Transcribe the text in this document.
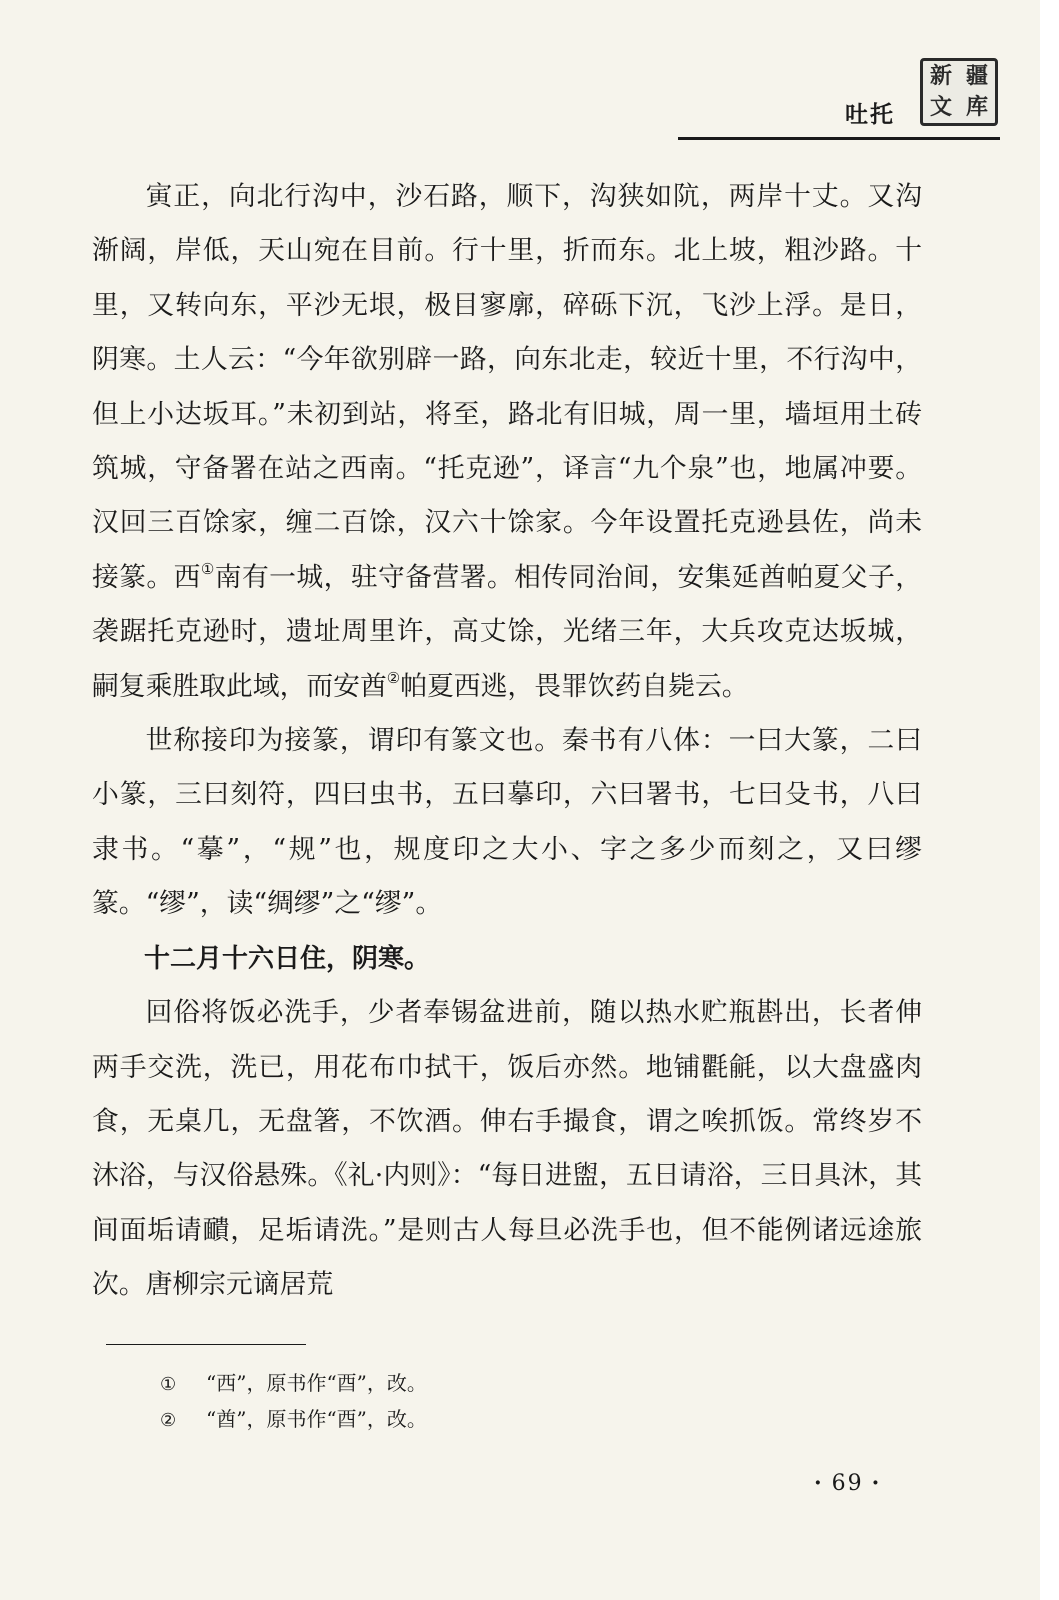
吐托
新 疆
文 库

寅正，向北行沟中，沙石路，顺下，沟狭如阬，两岸十丈。又沟渐阔，岸低，天山宛在目前。行十里，折而东。北上坡，粗沙路。十里，又转向东，平沙无垠，极目寥廓，碎砾下沉，飞沙上浮。是日，阴寒。土人云：“今年欲别辟一路，向东北走，较近十里，不行沟中，但上小达坂耳。”未初到站，将至，路北有旧城，周一里，墙垣用土砖筑城，守备署在站之西南。“托克逊”，译言“九个泉”也，地属冲要。汉回三百馀家，缠二百馀，汉六十馀家。今年设置托克逊县佐，尚未接篆。西①南有一城，驻守备营署。相传同治间，安集延酋帕夏父子，袭踞托克逊时，遗址周里许，高丈馀，光绪三年，大兵攻克达坂城，嗣复乘胜取此域，而安酋②帕夏西逃，畏罪饮药自毙云。

世称接印为接篆，谓印有篆文也。秦书有八体：一曰大篆，二曰小篆，三曰刻符，四曰虫书，五曰摹印，六曰署书，七曰殳书，八曰隶书。“摹”，“规”也，规度印之大小、字之多少而刻之，又曰缪篆。“缪”，读“绸缪”之“缪”。

十二月十六日住，阴寒。

回俗将饭必洗手，少者奉锡盆进前，随以热水贮瓶斟出，长者伸两手交洗，洗已，用花布巾拭干，饭后亦然。地铺氍毹，以大盘盛肉食，无桌几，无盘箸，不饮酒。伸右手撮食，谓之唉抓饭。常终岁不沐浴，与汉俗悬殊。《礼·内则》：“每日进盥，五日请浴，三日具沐，其间面垢请靧，足垢请洗。”是则古人每旦必洗手也，但不能例诸远途旅次。唐柳宗元谪居荒

① “西”，原书作“酉”，改。
② “酋”，原书作“酉”，改。
· 69 ·
